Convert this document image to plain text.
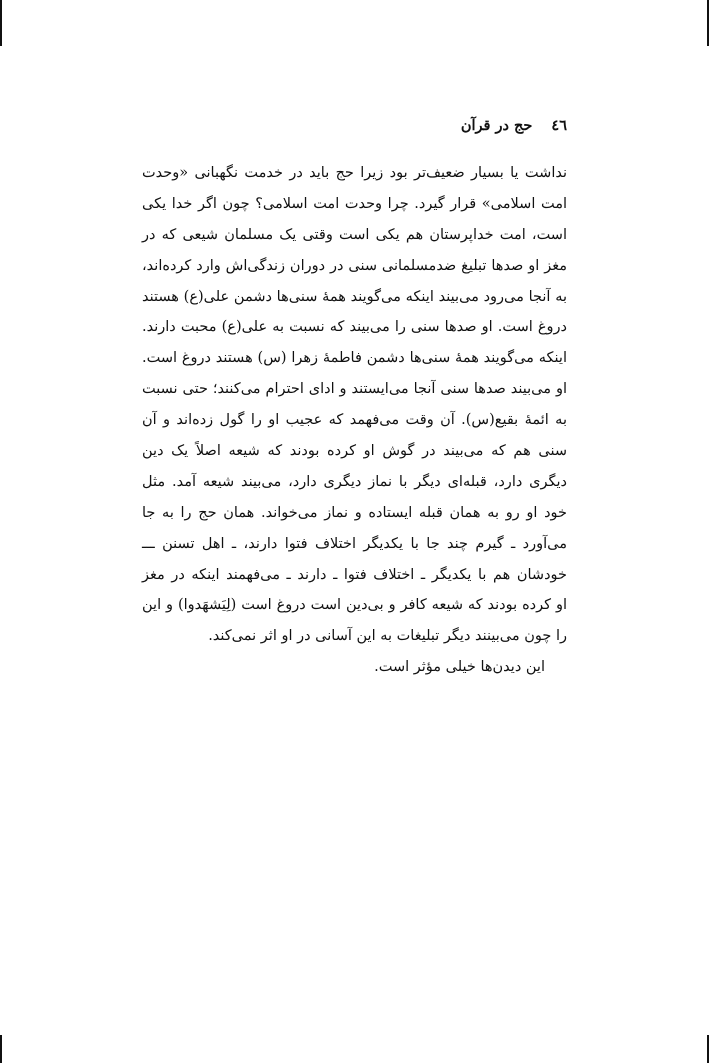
٤٦ حج در قرآن
نداشت یا بسیار ضعیف‌تر بود زیرا حج باید در خدمت نگهبانی «وحدت
امت اسلامی» قرار گیرد. چرا وحدت امت اسلامی؟ چون اگر خدا یکی
است، امت خداپرستان هم یکی است وقتی یک مسلمان شیعی که در
مغز او صدها تبلیغ ضدمسلمانی سنی در دوران زندگی‌اش وارد کرده‌اند،
به آنجا می‌رود می‌بیند اینکه می‌گویند همهٔ سنی‌ها دشمن علی(ع) هستند
دروغ است. او صدها سنی را می‌بیند که نسبت به علی(ع) محبت دارند.
اینکه می‌گویند همهٔ سنی‌ها دشمن فاطمهٔ زهرا (س) هستند دروغ است.
او می‌بیند صدها سنی آنجا می‌ایستند و ادای احترام می‌کنند؛ حتی نسبت
به ائمهٔ بقیع(س). آن وقت می‌فهمد که عجیب او را گول زده‌اند و آن
سنی هم که می‌بیند در گوش او کرده بودند که شیعه اصلاً یک دین
دیگری دارد، قبله‌ای دیگر با نماز دیگری دارد، می‌بیند شیعه آمد. مثل
خود او رو به همان قبله ایستاده و نماز می‌خواند. همان حج را به جا
می‌آورد ـ گیرم چند جا با یکدیگر اختلاف فتوا دارند، ـ اهل تسنن ـــ
خودشان هم با یکدیگر ـ اختلاف فتوا ـ دارند ـ می‌فهمند اینکه در مغز
او کرده بودند که شیعه کافر و بی‌دین است دروغ است (لِیَشهَدوا) و این
را چون می‌بینند دیگر تبلیغات به این آسانی در او اثر نمی‌کند.
این دیدن‌ها خیلی مؤثر است.
